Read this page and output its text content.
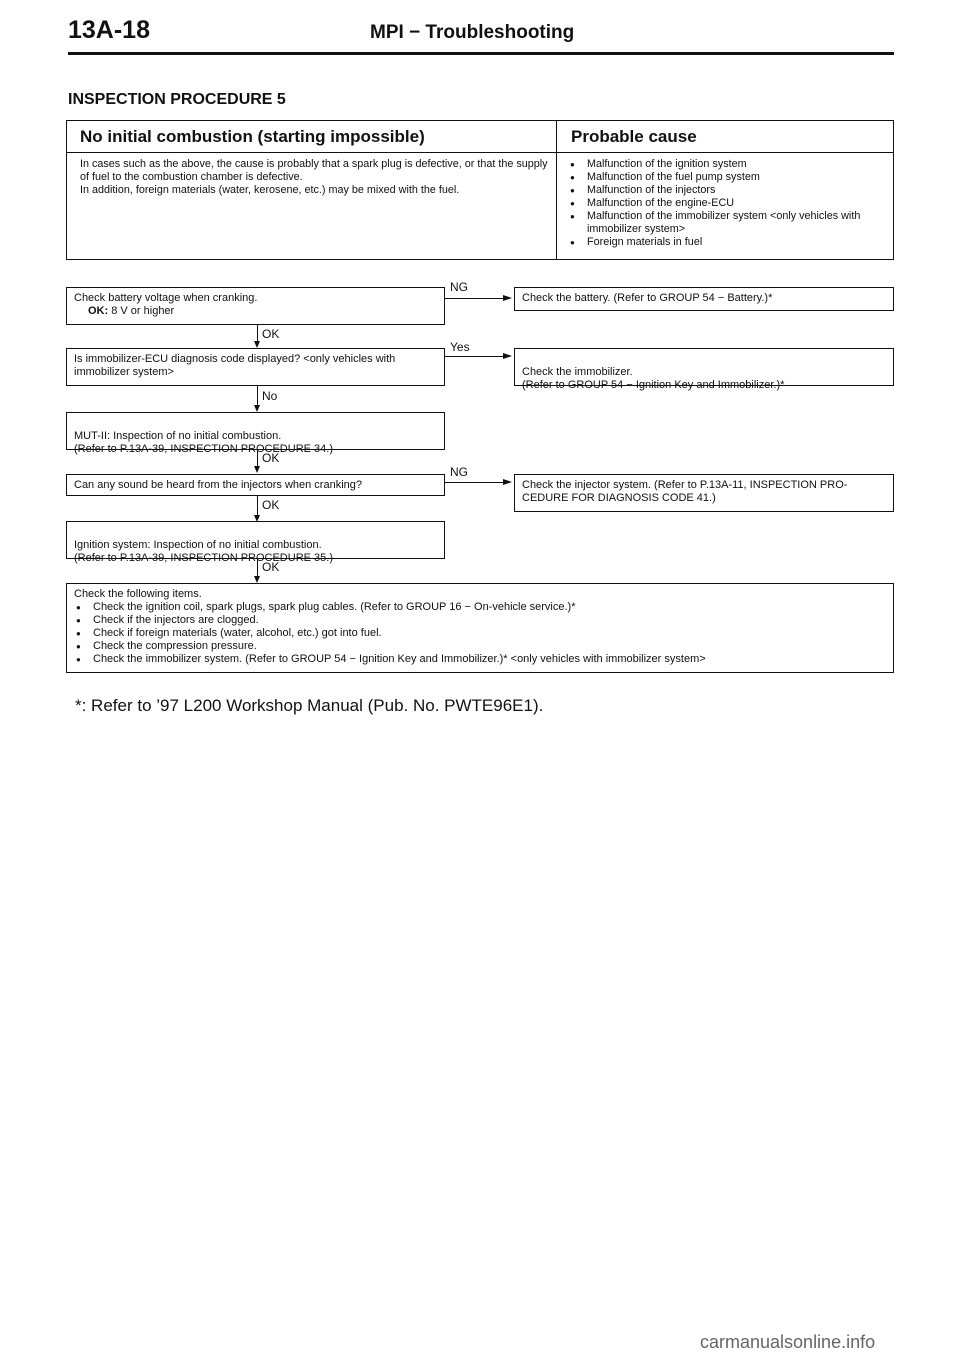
13A-18	MPI − Troubleshooting
INSPECTION PROCEDURE 5
No initial combustion (starting impossible)	Probable cause
In cases such as the above, the cause is probably that a spark plug is defective, or that the supply of fuel to the combustion chamber is defective.
In addition, foreign materials (water, kerosene, etc.) may be mixed with the fuel.
● Malfunction of the ignition system
● Malfunction of the fuel pump system
● Malfunction of the injectors
● Malfunction of the engine-ECU
● Malfunction of the immobilizer system <only vehicles with immobilizer system>
● Foreign materials in fuel
Check battery voltage when cranking.
OK: 8 V or higher
NG
Check the battery. (Refer to GROUP 54 − Battery.)*
OK
Is immobilizer-ECU diagnosis code displayed? <only vehicles with immobilizer system>
Yes

Check the immobilizer.
(Refer to GROUP 54 − Ignition Key and Immobilizer.)*

No

MUT-II: Inspection of no initial combustion.
(Refer to P.13A-39, INSPECTION PROCEDURE 34.)

OK
Can any sound be heard from the injectors when cranking?
NG
Check the injector system. (Refer to P.13A-11, INSPECTION PRO-CEDURE FOR DIAGNOSIS CODE 41.)
OK

Ignition system: Inspection of no initial combustion.
(Refer to P.13A-39, INSPECTION PROCEDURE 35.)

OK
Check the following items.
● Check the ignition coil, spark plugs, spark plug cables. (Refer to GROUP 16 − On-vehicle service.)*
● Check if the injectors are clogged.
● Check if foreign materials (water, alcohol, etc.) got into fuel.
● Check the compression pressure.
● Check the immobilizer system. (Refer to GROUP 54 − Ignition Key and Immobilizer.)* <only vehicles with immobilizer system>
*: Refer to ’97 L200 Workshop Manual (Pub. No. PWTE96E1).
carmanualsonline.info
